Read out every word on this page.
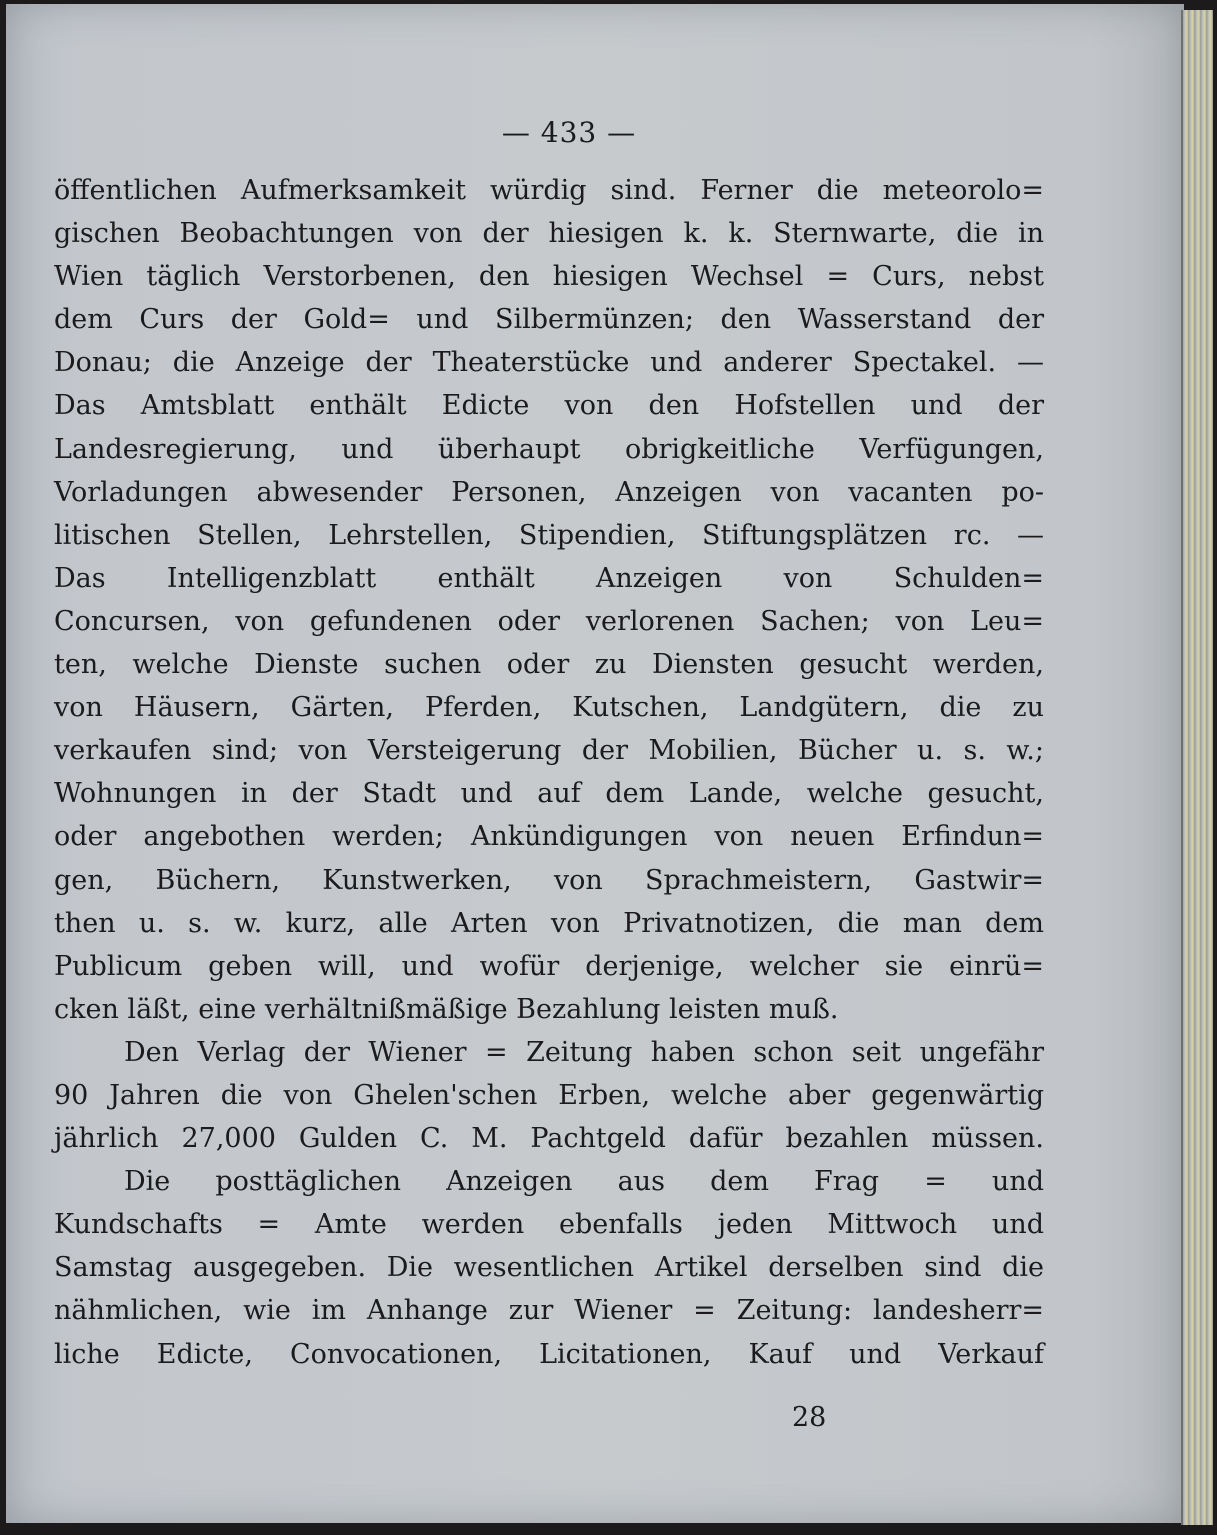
— 433 —
öffentlichen Aufmerksamkeit würdig sind. Ferner die meteorolo=
gischen Beobachtungen von der hiesigen k. k. Sternwarte, die in
Wien täglich Verstorbenen, den hiesigen Wechsel = Curs, nebst
dem Curs der Gold= und Silbermünzen; den Wasserstand der
Donau; die Anzeige der Theaterstücke und anderer Spectakel. —
Das Amtsblatt enthält Edicte von den Hofstellen und der
Landesregierung, und überhaupt obrigkeitliche Verfügungen,
Vorladungen abwesender Personen, Anzeigen von vacanten po-
litischen Stellen, Lehrstellen, Stipendien, Stiftungsplätzen rc. —
Das Intelligenzblatt enthält Anzeigen von Schulden=
Concursen, von gefundenen oder verlorenen Sachen; von Leu=
ten, welche Dienste suchen oder zu Diensten gesucht werden,
von Häusern, Gärten, Pferden, Kutschen, Landgütern, die zu
verkaufen sind; von Versteigerung der Mobilien, Bücher u. s. w.;
Wohnungen in der Stadt und auf dem Lande, welche gesucht,
oder angebothen werden; Ankündigungen von neuen Erfindun=
gen, Büchern, Kunstwerken, von Sprachmeistern, Gastwir=
then u. s. w. kurz, alle Arten von Privatnotizen, die man dem
Publicum geben will, und wofür derjenige, welcher sie einrü=
cken läßt, eine verhältnißmäßige Bezahlung leisten muß.
Den Verlag der Wiener = Zeitung haben schon seit ungefähr
90 Jahren die von Ghelen'schen Erben, welche aber gegenwärtig
jährlich 27,000 Gulden C. M. Pachtgeld dafür bezahlen müssen.
Die posttäglichen Anzeigen aus dem Frag = und
Kundschafts = Amte werden ebenfalls jeden Mittwoch und
Samstag ausgegeben. Die wesentlichen Artikel derselben sind die
nähmlichen, wie im Anhange zur Wiener = Zeitung: landesherr=
liche Edicte, Convocationen, Licitationen, Kauf und Verkauf
28
